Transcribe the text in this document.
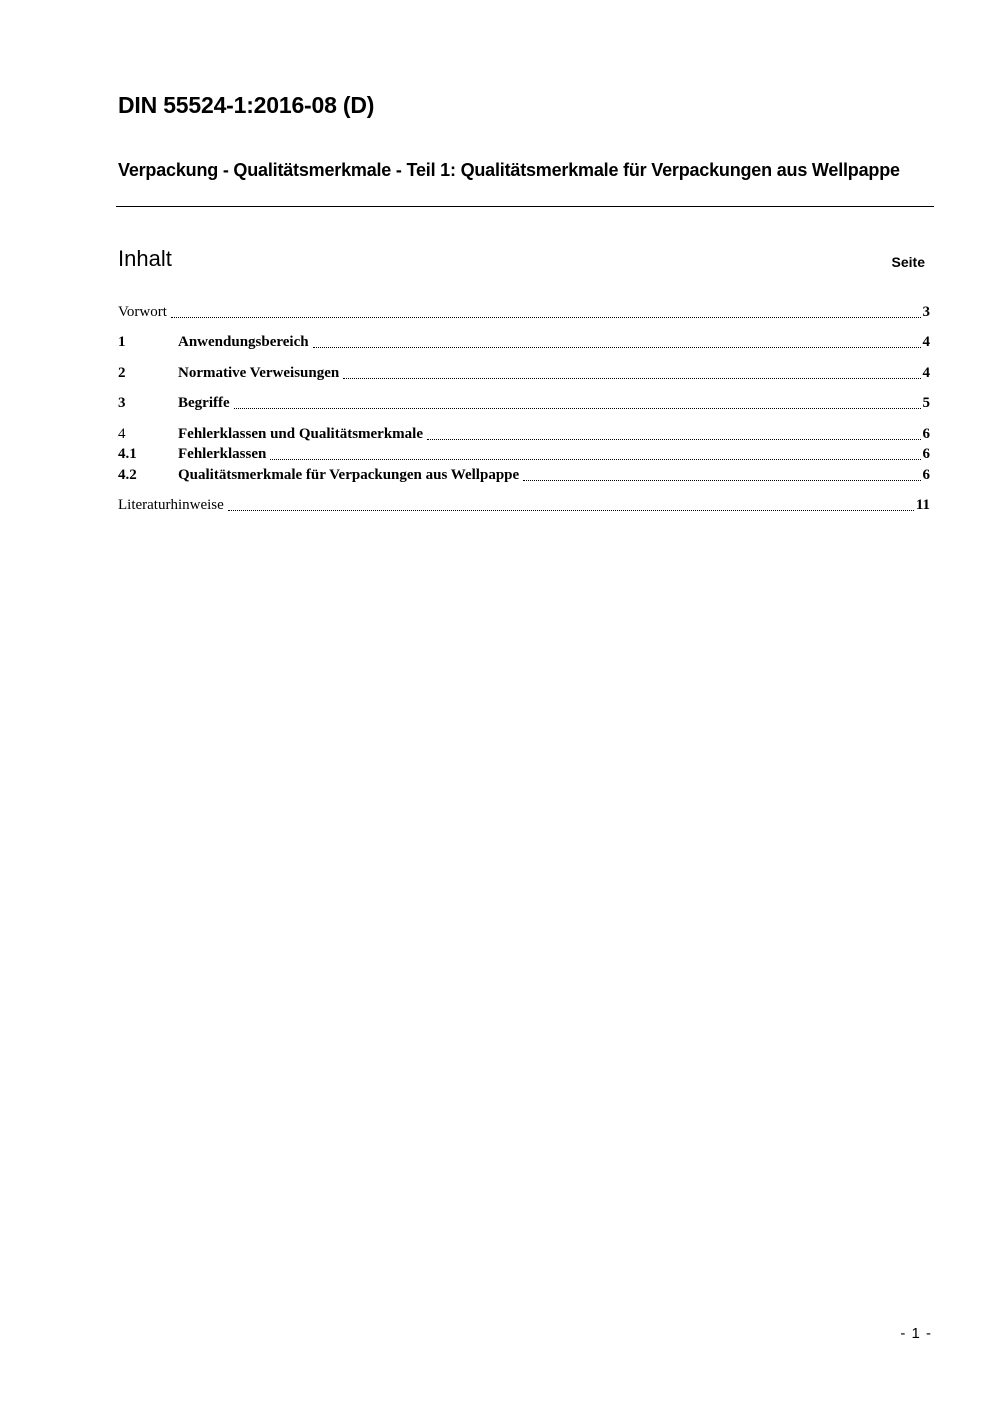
DIN 55524-1:2016-08 (D)
Verpackung - Qualitätsmerkmale - Teil 1: Qualitätsmerkmale für Verpackungen aus Wellpappe
Inhalt	Seite
Vorwort	3
1	Anwendungsbereich	4
2	Normative Verweisungen	4
3	Begriffe	5
4	Fehlerklassen und Qualitätsmerkmale	6
4.1	Fehlerklassen	6
4.2	Qualitätsmerkmale für Verpackungen aus Wellpappe	6
Literaturhinweise	11
- 1 -
